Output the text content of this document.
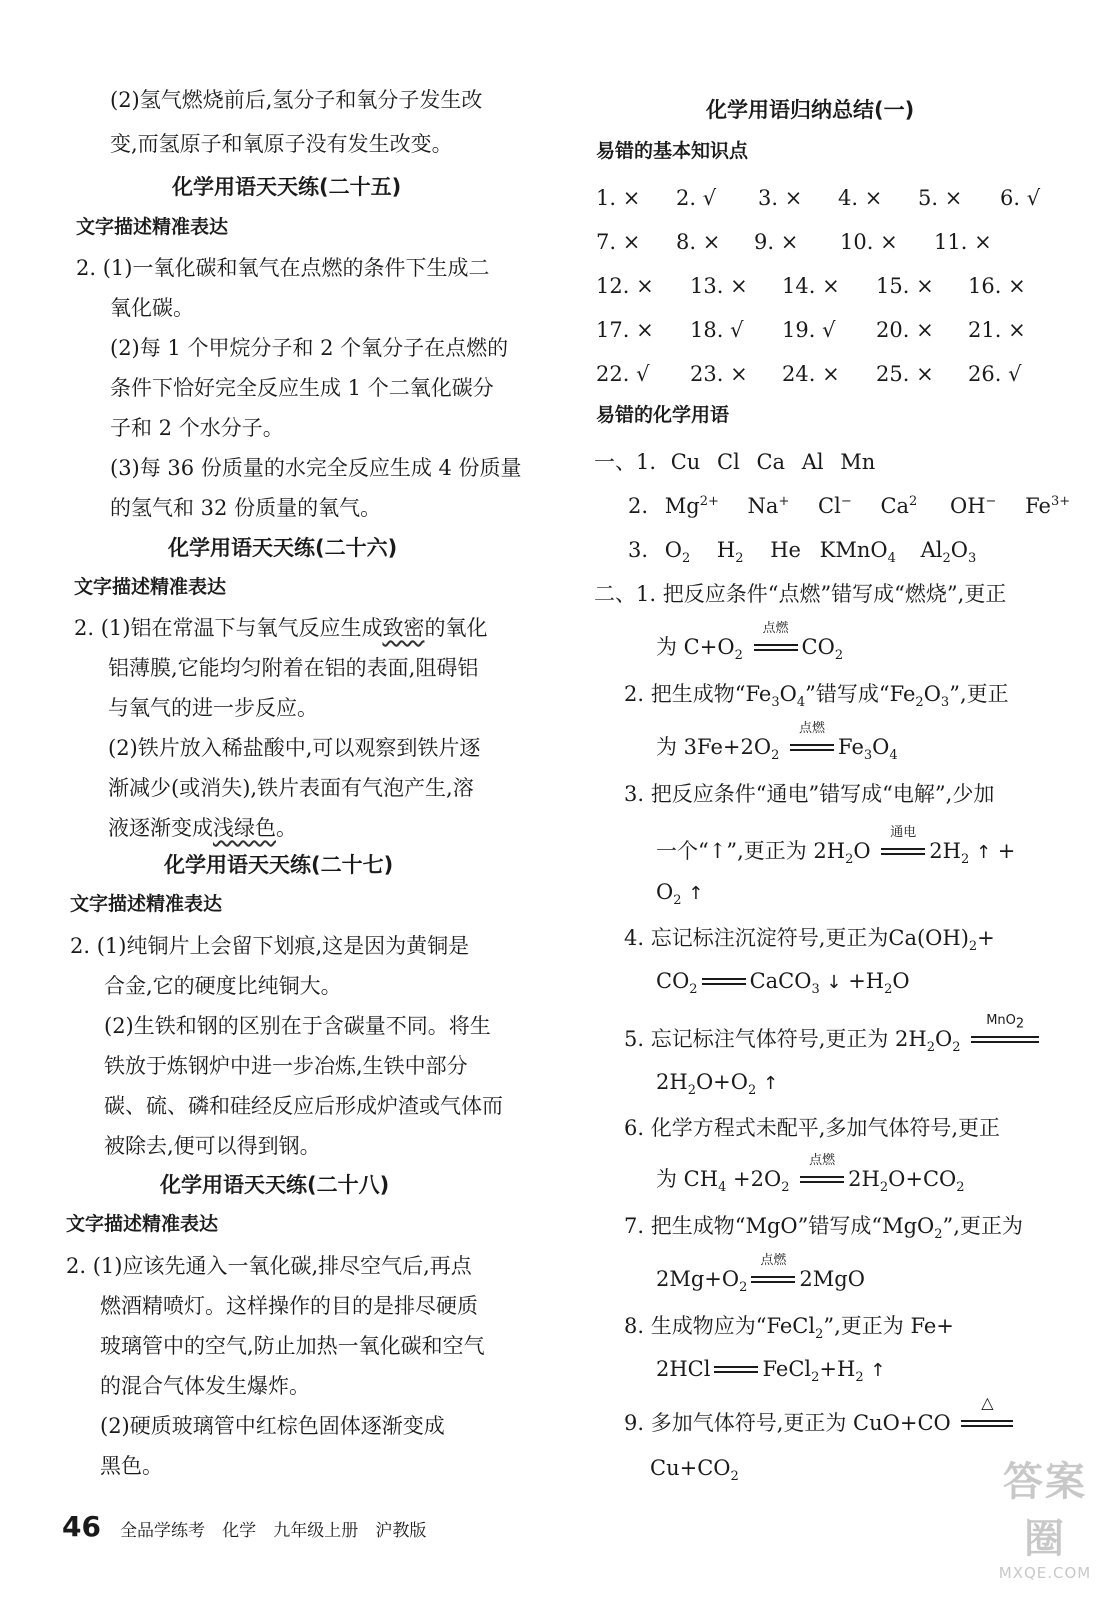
(2)氢气燃烧前后,氢分子和氧分子发生改
变,而氢原子和氧原子没有发生改变。
化学用语天天练(二十五)
文字描述精准表达
2. (1)一氧化碳和氧气在点燃的条件下生成二
氧化碳。
(2)每 1 个甲烷分子和 2 个氧分子在点燃的
条件下恰好完全反应生成 1 个二氧化碳分
子和 2 个水分子。
(3)每 36 份质量的水完全反应生成 4 份质量
的氢气和 32 份质量的氧气。
化学用语天天练(二十六)
文字描述精准表达
2. (1)铝在常温下与氧气反应生成致密的氧化
铝薄膜,它能均匀附着在铝的表面,阻碍铝
与氧气的进一步反应。
(2)铁片放入稀盐酸中,可以观察到铁片逐
渐减少(或消失),铁片表面有气泡产生,溶
液逐渐变成浅绿色。
化学用语天天练(二十七)
文字描述精准表达
2. (1)纯铜片上会留下划痕,这是因为黄铜是
合金,它的硬度比纯铜大。
(2)生铁和钢的区别在于含碳量不同。将生
铁放于炼钢炉中进一步冶炼,生铁中部分
碳、硫、磷和硅经反应后形成炉渣或气体而
被除去,便可以得到钢。
化学用语天天练(二十八)
文字描述精准表达
2. (1)应该先通入一氧化碳,排尽空气后,再点
燃酒精喷灯。这样操作的目的是排尽硬质
玻璃管中的空气,防止加热一氧化碳和空气
的混合气体发生爆炸。
(2)硬质玻璃管中红棕色固体逐渐变成
黑色。
化学用语归纳总结(一)
易错的基本知识点
1. × 2. √ 3. × 4. × 5. × 6. √
7. × 8. × 9. × 10. × 11. ×
12. × 13. × 14. × 15. × 16. ×
17. × 18. √ 19. √ 20. × 21. ×
22. √ 23. × 24. × 25. × 26. √
易错的化学用语
一、1. Cu Cl Ca Al Mn
2. $Mg^{2+}$ Na+ Cl− Ca$^2$ OH− $Fe^{3+}$
3. $O_2$ $H_2$ He KMnO$_4$ $Al_2O_3$
二、1. 把反应条件“点燃”错写成“燃烧”,更正
为 $C+O_2$
点燃
$CO_2$
2. 把生成物“$Fe_3O_4$”错写成“$Fe_2O_3$”,更正
为 $3Fe+2O_2$
点燃
$Fe_3O_4$
3. 把反应条件“通电”错写成“电解”,少加
一个“↑”,更正为 $2H_2O$
通电
$2H_2$ ↑ +
$O_2$ ↑
4. 忘记标注沉淀符号,更正为$Ca(OH)_2+$
$CO_2$ CaCO$_3$ ↓ $+H_2O$
5. 忘记标注气体符号,更正为 $2H_2O_2$
MnO$_2$
$2H_2O+O_2$ ↑
6. 化学方程式未配平,多加气体符号,更正
为 $CH_4 +2O_2$
点燃
$2H_2O+CO_2$
7. 把生成物“MgO”错写成“MgO$_2$”,更正为
$2Mg+O_2$
点燃
2MgO
8. 生成物应为“FeCl$_2$”,更正为 Fe+
2HCl $FeCl_2+H_2$ ↑
9. 多加气体符号,更正为 CuO+CO
△
$Cu+CO_2$
46 全品学练考 化学 九年级上册 沪教版
答案圈
MXQE.COM
